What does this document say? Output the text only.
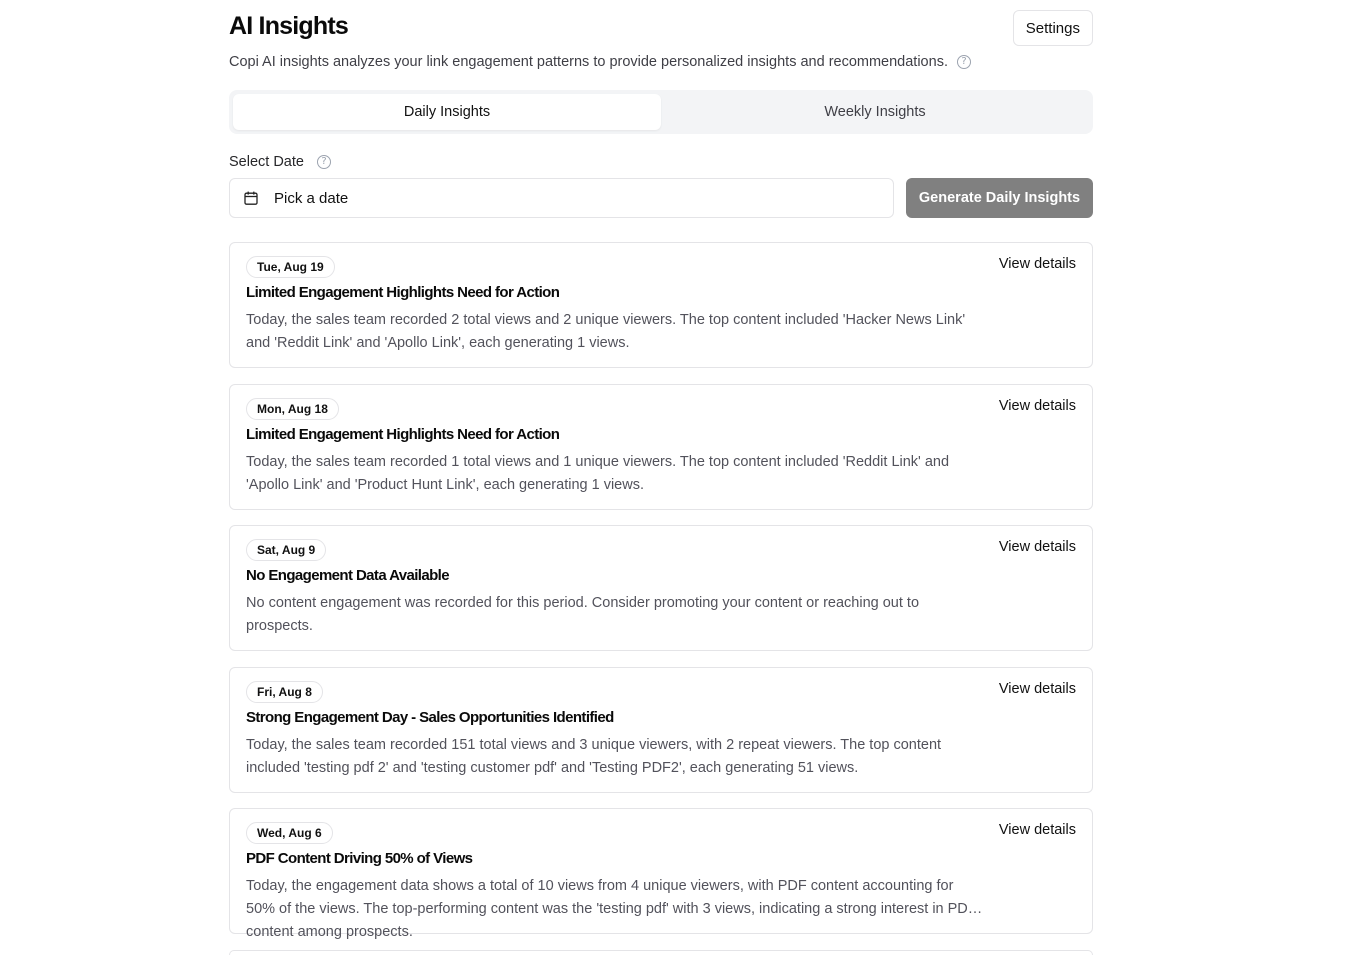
AI Insights	Settings
Copi AI insights analyzes your link engagement patterns to provide personalized insights and recommendations.	?
Daily Insights	Weekly Insights
Select Date	?
Pick a date	Generate Daily Insights
Tue, Aug 19	View details
Limited Engagement Highlights Need for Action

Today, the sales team recorded 2 total views and 2 unique viewers. The top content included 'Hacker News Link' and 'Reddit Link' and 'Apollo Link', each generating 1 views.

Mon, Aug 18	View details
Limited Engagement Highlights Need for Action

Today, the sales team recorded 1 total views and 1 unique viewers. The top content included 'Reddit Link' and 'Apollo Link' and 'Product Hunt Link', each generating 1 views.

Sat, Aug 9	View details
No Engagement Data Available

No content engagement was recorded for this period. Consider promoting your content or reaching out to prospects.

Fri, Aug 8	View details
Strong Engagement Day - Sales Opportunities Identified

Today, the sales team recorded 151 total views and 3 unique viewers, with 2 repeat viewers. The top content included 'testing pdf 2' and 'testing customer pdf' and 'Testing PDF2', each generating 51 views.

Wed, Aug 6	View details
PDF Content Driving 50% of Views

Today, the engagement data shows a total of 10 views from 4 unique viewers, with PDF content accounting for 50% of the views. The top-performing content was the 'testing pdf' with 3 views, indicating a strong interest in PDF content among prospects.
